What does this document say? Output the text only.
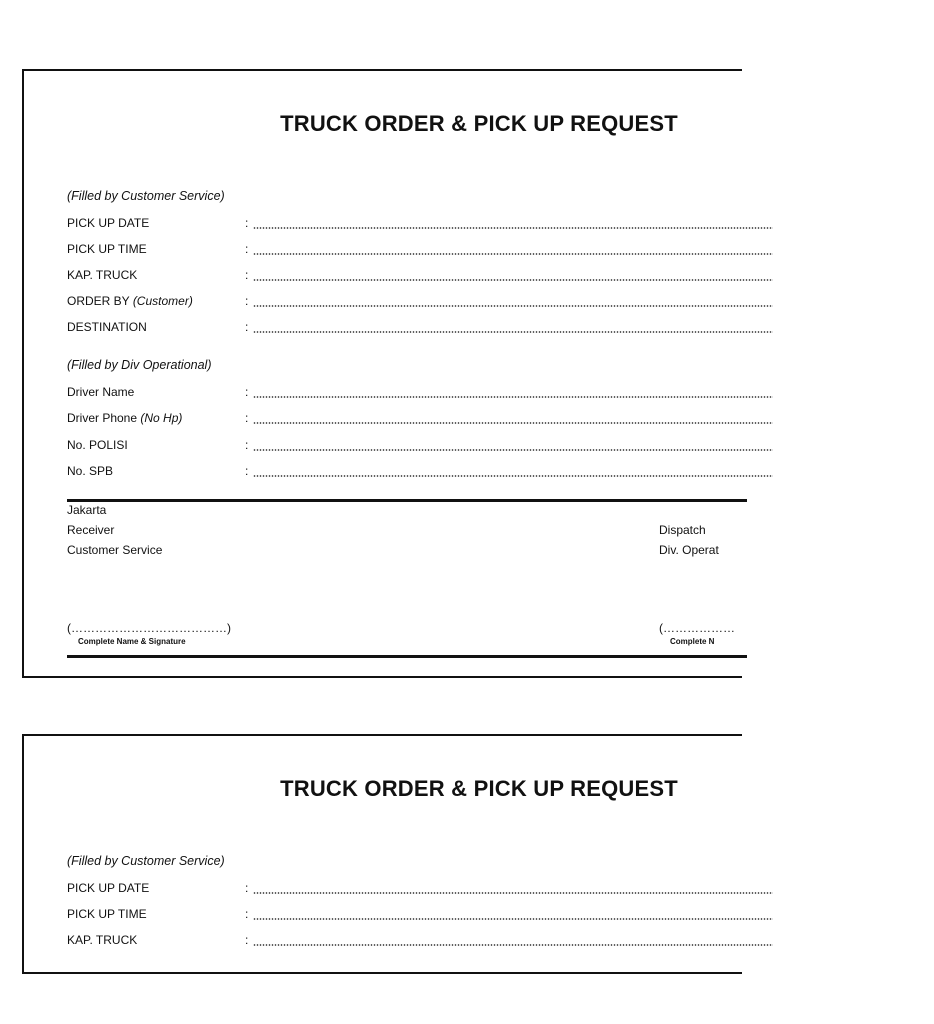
TRUCK ORDER & PICK UP REQUEST
(Filled by Customer Service)
PICK UP DATE	:
PICK UP TIME	:
KAP. TRUCK	:
ORDER BY (Customer)	:
DESTINATION	:
(Filled by Div Operational)
Driver Name	:
Driver Phone (No Hp)	:
No. POLISI	:
No. SPB	:
Jakarta
Receiver
Customer Service
Dispatch
Div. Operat
(…………………………………)
Complete Name & Signature
(………………
Complete N
TRUCK ORDER & PICK UP REQUEST
(Filled by Customer Service)
PICK UP DATE	:
PICK UP TIME	:
KAP. TRUCK	:
